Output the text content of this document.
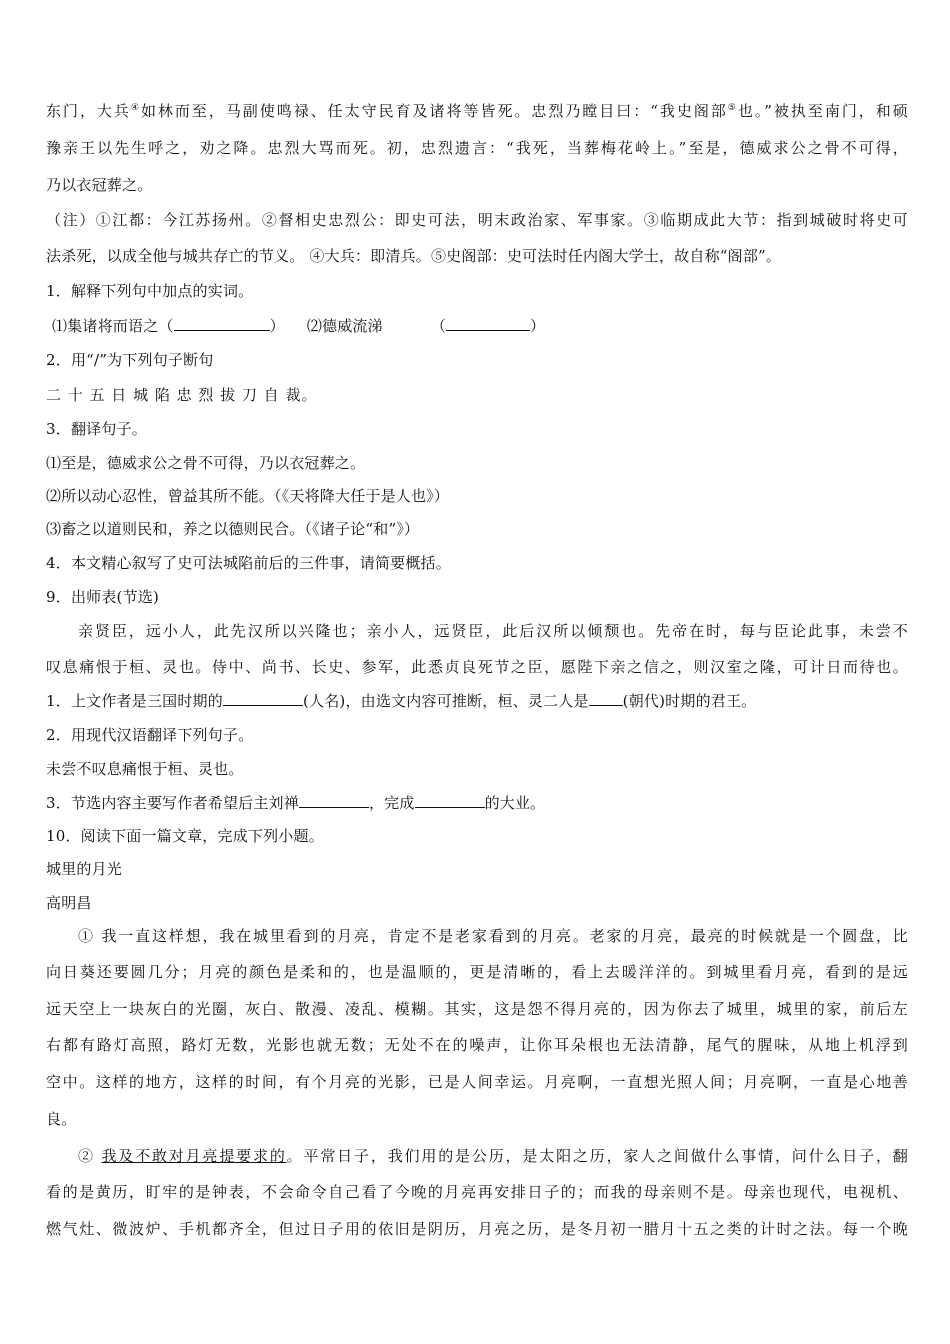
东门，大兵④如林而至，马副使鸣禄、任太守民育及诸将等皆死。忠烈乃瞠目曰：“我史阁部⑤也。”被执至南门，和硕
豫亲王以先生呼之，劝之降。忠烈大骂而死。初，忠烈遗言：“我死，当葬梅花岭上。”至是，德威求公之骨不可得，
乃以衣冠葬之。
（注）①江都：今江苏扬州。②督相史忠烈公：即史可法，明末政治家、军事家。③临期成此大节：指到城破时将史可
法杀死，以成全他与城共存亡的节义。 ④大兵：即清兵。⑤史阁部：史可法时任内阁大学士，故自称“阁部”。
1．解释下列句中加点的实词。
⑴集诸将而语之（	） ⑵德威流涕	（	）
2．用“/”为下列句子断句
二 十 五 日 城 陷 忠 烈 拔 刀 自 裁。
3．翻译句子。
⑴至是，德威求公之骨不可得，乃以衣冠葬之。
⑵所以动心忍性，曾益其所不能。（《天将降大任于是人也》）
⑶畜之以道则民和，养之以德则民合。（《诸子论“和”》）
4．本文精心叙写了史可法城陷前后的三件事，请简要概括。
9．出师表(节选)
亲贤臣，远小人，此先汉所以兴隆也；亲小人，远贤臣，此后汉所以倾颓也。先帝在时，每与臣论此事，未尝不
叹息痛恨于桓、灵也。侍中、尚书、长史、参军，此悉贞良死节之臣，愿陛下亲之信之，则汉室之隆，可计日而待也。
1．上文作者是三国时期的	(人名)，由选文内容可推断，桓、灵二人是 (朝代)时期的君王。
2．用现代汉语翻译下列句子。
未尝不叹息痛恨于桓、灵也。
3．节选内容主要写作者希望后主刘禅	，完成	的大业。
10．阅读下面一篇文章，完成下列小题。
城里的月光
高明昌
① 我一直这样想，我在城里看到的月亮，肯定不是老家看到的月亮。老家的月亮，最亮的时候就是一个圆盘，比
向日葵还要圆几分；月亮的颜色是柔和的，也是温顺的，更是清晰的，看上去暖洋洋的。到城里看月亮，看到的是远
远天空上一块灰白的光圈，灰白、散漫、凌乱、模糊。其实，这是怨不得月亮的，因为你去了城里，城里的家，前后左
右都有路灯高照，路灯无数，光影也就无数；无处不在的噪声，让你耳朵根也无法清静，尾气的腥味，从地上机浮到
空中。这样的地方，这样的时间，有个月亮的光影，已是人间幸运。月亮啊，一直想光照人间；月亮啊，一直是心地善
良。
② 我及不敢对月亮提要求的。平常日子，我们用的是公历，是太阳之历，家人之间做什么事情，问什么日子，翻
看的是黄历，盯牢的是钟表，不会命令自己看了今晚的月亮再安排日子的；而我的母亲则不是。母亲也现代，电视机、
燃气灶、微波炉、手机都齐全，但过日子用的依旧是阴历，月亮之历，是冬月初一腊月十五之类的计时之法。每一个晚
